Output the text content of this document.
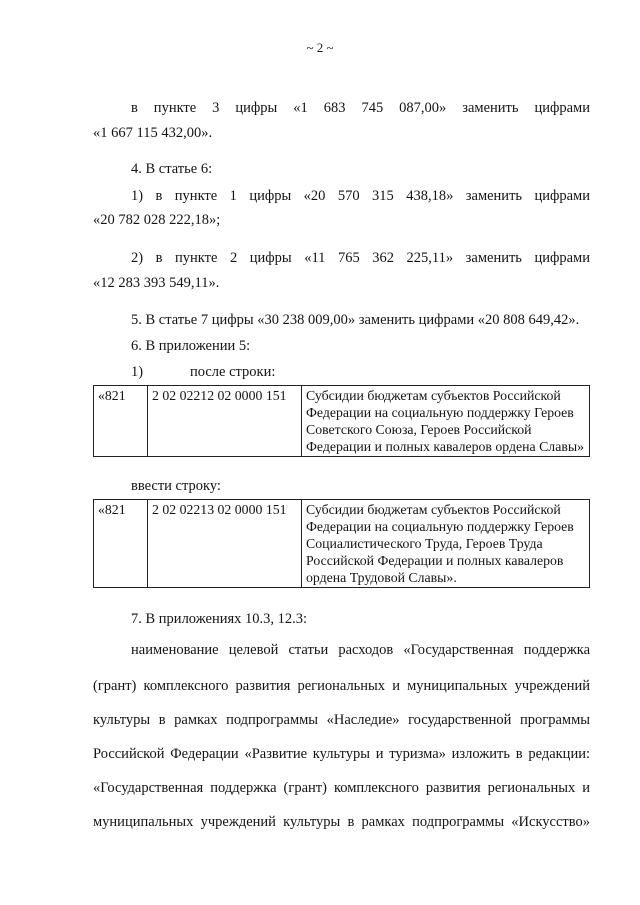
~ 2 ~
в пункте 3 цифры «1 683 745 087,00» заменить цифрами
«1 667 115 432,00».
4. В статье 6:
1) в пункте 1 цифры «20 570 315 438,18» заменить цифрами
«20 782 028 222,18»;
2) в пункте 2 цифры «11 765 362 225,11» заменить цифрами
«12 283 393 549,11».
5. В статье 7 цифры «30 238 009,00» заменить цифрами «20 808 649,42».
6. В приложении 5:
1)	после строки:
«821	2 02 02212 02 0000 151	Субсидии бюджетам субъектов Российской Федерации на социальную поддержку Героев Советского Союза, Героев Российской Федерации и полных кавалеров ордена Славы»
ввести строку:
«821	2 02 02213 02 0000 151	Субсидии бюджетам субъектов Российской Федерации на социальную поддержку Героев Социалистического Труда, Героев Труда Российской Федерации и полных кавалеров ордена Трудовой Славы».
7. В приложениях 10.3, 12.3:
наименование целевой статьи расходов «Государственная поддержка
(грант) комплексного развития региональных и муниципальных учреждений
культуры в рамках подпрограммы «Наследие» государственной программы
Российской Федерации «Развитие культуры и туризма» изложить в редакции:
«Государственная поддержка (грант) комплексного развития региональных и
муниципальных учреждений культуры в рамках подпрограммы «Искусство»
